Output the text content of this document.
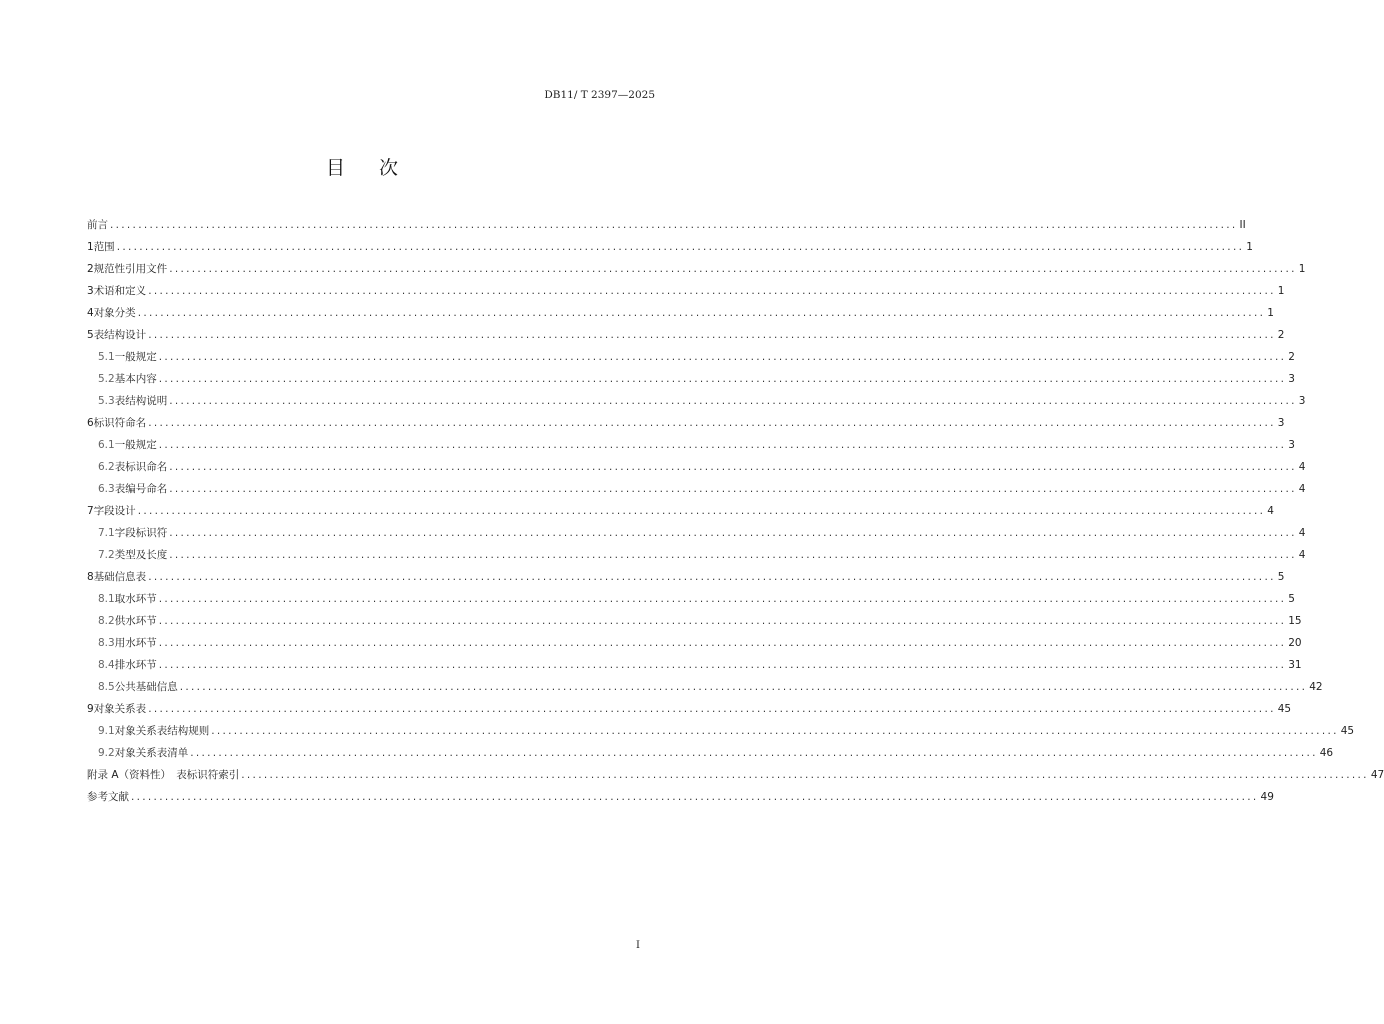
DB11/ T 2397—2025
目次
前言 ........................................................................................................................................................................................................ II
1 范围 ........................................................................................................................................................................................................ 1
2 规范性引用文件 ........................................................................................................................................................................................................ 1
3 术语和定义 ........................................................................................................................................................................................................ 1
4 对象分类 ........................................................................................................................................................................................................ 1
5 表结构设计 ........................................................................................................................................................................................................ 2
5.1 一般规定 ........................................................................................................................................................................................................ 2
5.2 基本内容 ........................................................................................................................................................................................................ 3
5.3 表结构说明 ........................................................................................................................................................................................................ 3
6 标识符命名 ........................................................................................................................................................................................................ 3
6.1 一般规定 ........................................................................................................................................................................................................ 3
6.2 表标识命名 ........................................................................................................................................................................................................ 4
6.3 表编号命名 ........................................................................................................................................................................................................ 4
7 字段设计 ........................................................................................................................................................................................................ 4
7.1 字段标识符 ........................................................................................................................................................................................................ 4
7.2 类型及长度 ........................................................................................................................................................................................................ 4
8 基础信息表 ........................................................................................................................................................................................................ 5
8.1 取水环节 ........................................................................................................................................................................................................ 5
8.2 供水环节 ........................................................................................................................................................................................................ 15
8.3 用水环节 ........................................................................................................................................................................................................ 20
8.4 排水环节 ........................................................................................................................................................................................................ 31
8.5 公共基础信息 ........................................................................................................................................................................................................ 42
9 对象关系表 ........................................................................................................................................................................................................ 45
9.1 对象关系表结构规则 ........................................................................................................................................................................................................ 45
9.2 对象关系表清单 ........................................................................................................................................................................................................ 46
附录 A（资料性）　表标识符索引 ........................................................................................................................................................................................................ 47
参考文献 ........................................................................................................................................................................................................ 49
I
